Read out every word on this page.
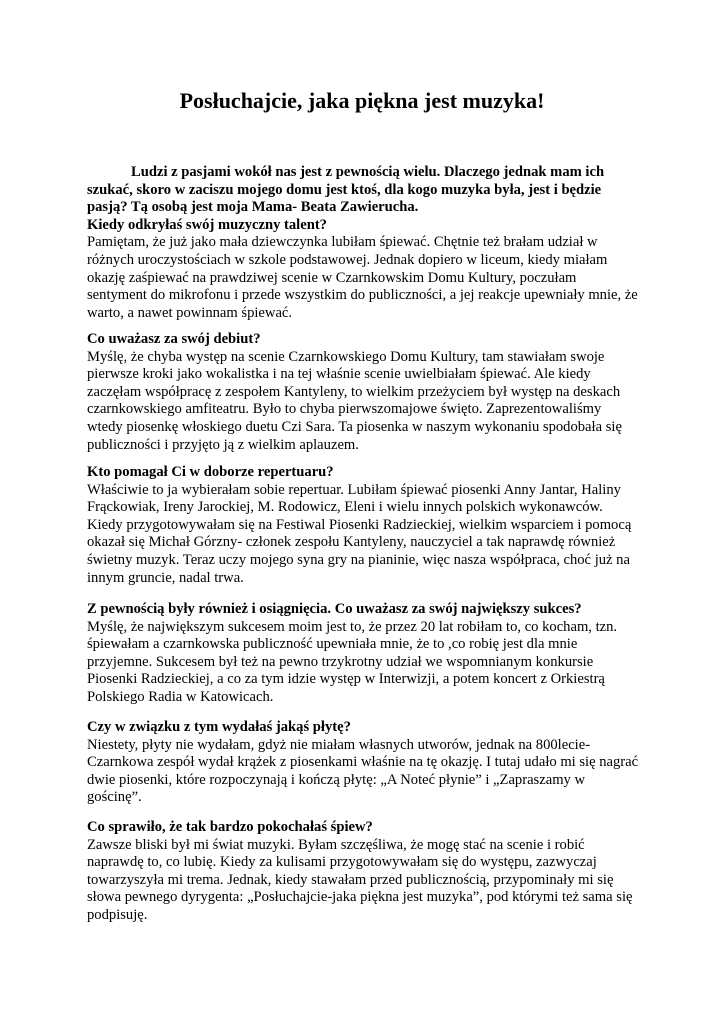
Posłuchajcie, jaka piękna jest muzyka!
Ludzi z pasjami wokół nas jest z pewnością wielu. Dlaczego jednak mam ich
szukać, skoro w zaciszu mojego domu jest ktoś, dla kogo muzyka była, jest i będzie
pasją? Tą osobą jest moja Mama- Beata Zawierucha.
Kiedy odkryłaś swój muzyczny talent?
Pamiętam, że już jako mała dziewczynka lubiłam śpiewać. Chętnie też brałam udział w
różnych uroczystościach w szkole podstawowej. Jednak dopiero w liceum, kiedy miałam
okazję zaśpiewać na prawdziwej scenie w Czarnkowskim Domu Kultury, poczułam
sentyment do mikrofonu i przede wszystkim do publiczności, a jej reakcje upewniały mnie, że
warto, a nawet powinnam śpiewać.
Co uważasz za swój debiut?
Myślę, że chyba występ na scenie Czarnkowskiego Domu Kultury, tam stawiałam swoje
pierwsze kroki jako wokalistka i na tej właśnie scenie uwielbiałam śpiewać. Ale kiedy
zaczęłam współpracę z zespołem Kantyleny, to wielkim przeżyciem był występ na deskach
czarnkowskiego amfiteatru. Było to chyba pierwszomajowe święto. Zaprezentowaliśmy
wtedy piosenkę włoskiego duetu Czi Sara. Ta piosenka w naszym wykonaniu spodobała się
publiczności i przyjęto ją z wielkim aplauzem.
Kto pomagał Ci w doborze repertuaru?
Właściwie to ja wybierałam sobie repertuar. Lubiłam śpiewać piosenki Anny Jantar, Haliny
Frąckowiak, Ireny Jarockiej, M. Rodowicz, Eleni i wielu innych polskich wykonawców.
Kiedy przygotowywałam się na Festiwal Piosenki Radzieckiej, wielkim wsparciem i pomocą
okazał się Michał Górzny- członek zespołu Kantyleny, nauczyciel a tak naprawdę również
świetny muzyk. Teraz uczy mojego syna gry na pianinie, więc nasza współpraca, choć już na
innym gruncie, nadal trwa.
Z pewnością były również i osiągnięcia. Co uważasz za swój największy sukces?
Myślę, że największym sukcesem moim jest to, że przez 20 lat robiłam to, co kocham, tzn.
śpiewałam a czarnkowska publiczność upewniała mnie, że to ,co robię jest dla mnie
przyjemne. Sukcesem był też na pewno trzykrotny udział we wspomnianym konkursie
Piosenki Radzieckiej, a co za tym idzie występ w Interwizji, a potem koncert z Orkiestrą
Polskiego Radia w Katowicach.
Czy w związku z tym wydałaś jakąś płytę?
Niestety, płyty nie wydałam, gdyż nie miałam własnych utworów, jednak na 800lecie-
Czarnkowa zespół wydał krążek z piosenkami właśnie na tę okazję. I tutaj udało mi się nagrać
dwie piosenki, które rozpoczynają i kończą płytę: „A Noteć płynie” i „Zapraszamy w
gościnę”.
Co sprawiło, że tak bardzo pokochałaś śpiew?
Zawsze bliski był mi świat muzyki. Byłam szczęśliwa, że mogę stać na scenie i robić
naprawdę to, co lubię. Kiedy za kulisami przygotowywałam się do występu, zazwyczaj
towarzyszyła mi trema. Jednak, kiedy stawałam przed publicznością, przypominały mi się
słowa pewnego dyrygenta: „Posłuchajcie-jaka piękna jest muzyka”, pod którymi też sama się
podpisuję.
